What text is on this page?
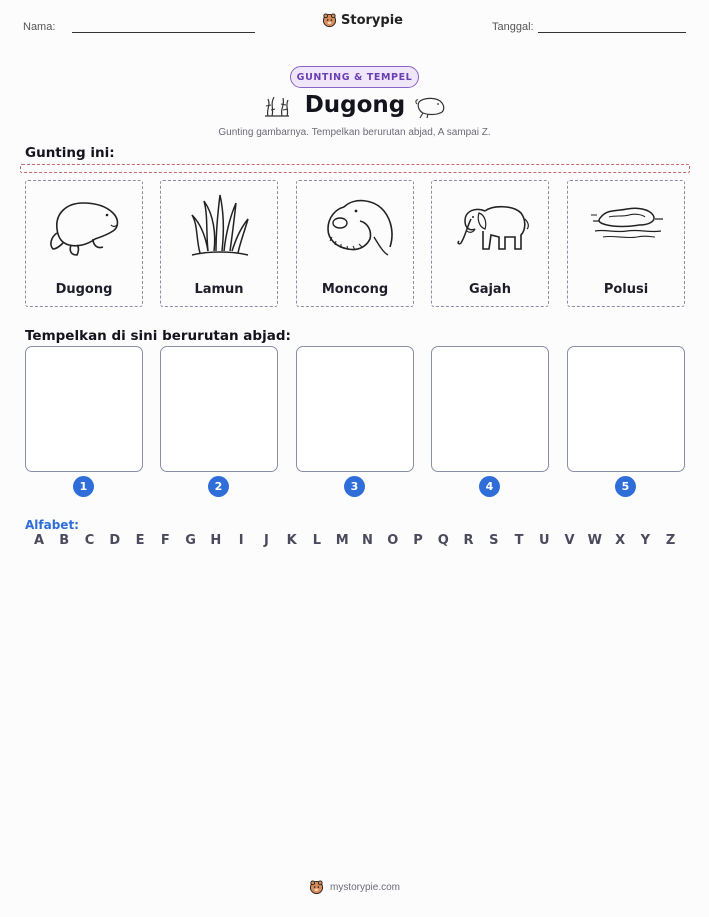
Nama:	Storypie	Tanggal:
GUNTING & TEMPEL
Dugong
Gunting gambarnya. Tempelkan berurutan abjad, A sampai Z.
Gunting ini:
Dugong	Lamun	Moncong	Gajah	Polusi
Tempelkan di sini berurutan abjad:
1	2	3	4	5
Alfabet:
A B C D E F G H	I	J	K L M N O P Q R S T U V W X Y Z
mystorypie.com
